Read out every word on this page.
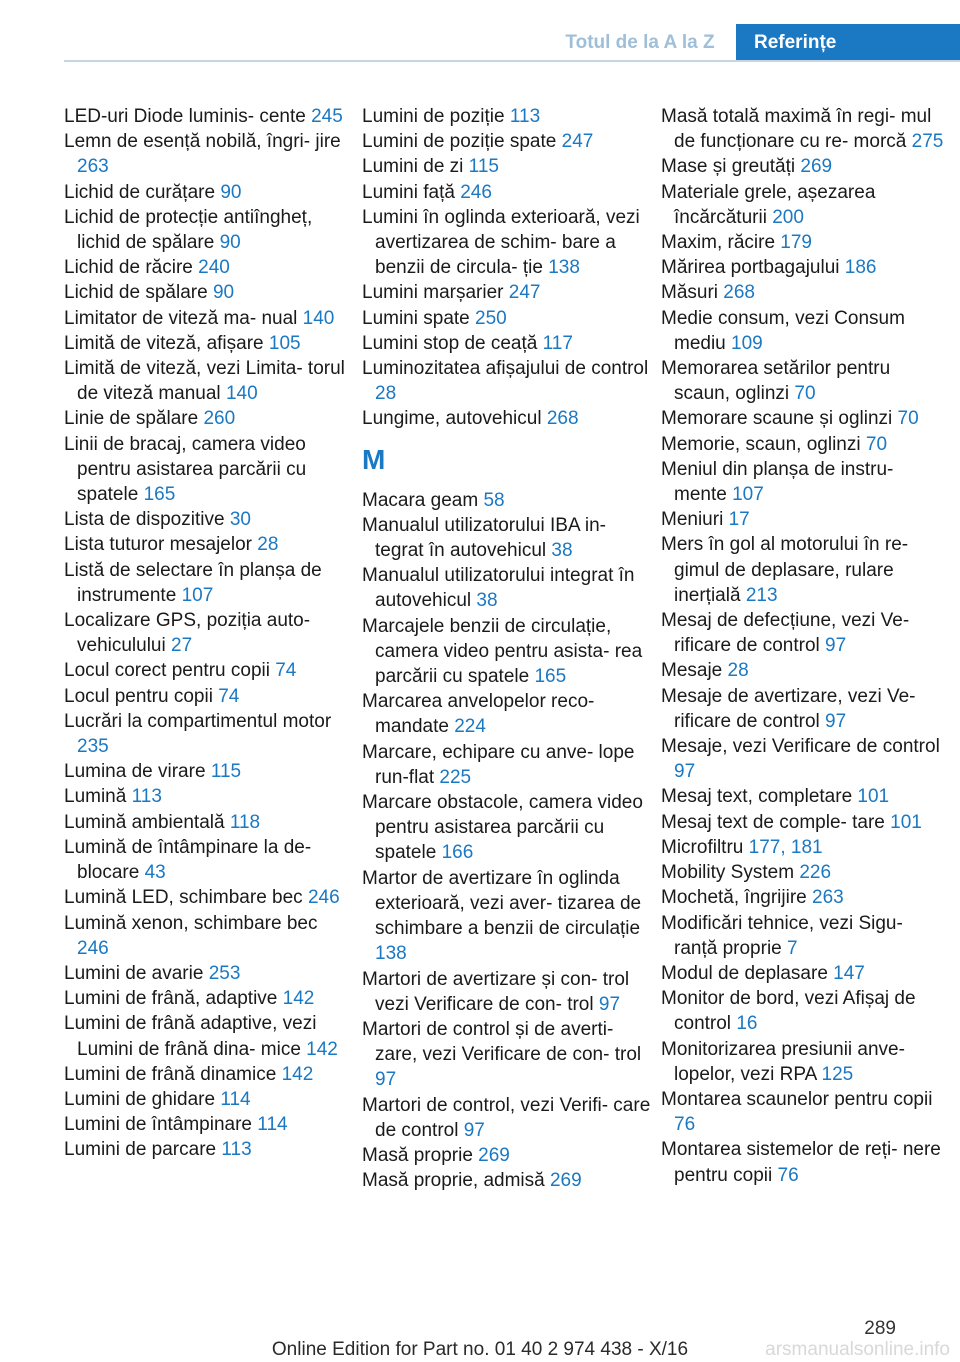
Totul de la A la Z	Referințe
LED-uri Diode luminis- cente 245
Lemn de esență nobilă, îngri- jire 263
Lichid de curățare 90
Lichid de protecție antiîngheț, lichid de spălare 90
Lichid de răcire 240
Lichid de spălare 90
Limitator de viteză ma- nual 140
Limită de viteză, afișare 105
Limită de viteză, vezi Limita- torul de viteză manual 140
Linie de spălare 260
Linii de bracaj, camera video pentru asistarea parcării cu spatele 165
Lista de dispozitive 30
Lista tuturor mesajelor 28
Listă de selectare în planșa de instrumente 107
Localizare GPS, poziția auto- vehiculului 27
Locul corect pentru copii 74
Locul pentru copii 74
Lucrări la compartimentul motor 235
Lumina de virare 115
Lumină 113
Lumină ambientală 118
Lumină de întâmpinare la de- blocare 43
Lumină LED, schimbare bec 246
Lumină xenon, schimbare bec 246
Lumini de avarie 253
Lumini de frână, adaptive 142
Lumini de frână adaptive, vezi Lumini de frână dina- mice 142
Lumini de frână dinamice 142
Lumini de ghidare 114
Lumini de întâmpinare 114
Lumini de parcare 113
Lumini de poziție 113
Lumini de poziție spate 247
Lumini de zi 115
Lumini față 246
Lumini în oglinda exterioară, vezi avertizarea de schim- bare a benzii de circula- ție 138
Lumini marșarier 247
Lumini spate 250
Lumini stop de ceață 117
Luminozitatea afișajului de control 28
Lungime, autovehicul 268
M
Macara geam 58
Manualul utilizatorului IBA in- tegrat în autovehicul 38
Manualul utilizatorului integrat în autovehicul 38
Marcajele benzii de circulație, camera video pentru asista- rea parcării cu spatele 165
Marcarea anvelopelor reco- mandate 224
Marcare, echipare cu anve- lope run-flat 225
Marcare obstacole, camera video pentru asistarea parcării cu spatele 166
Martor de avertizare în oglinda exterioară, vezi aver- tizarea de schimbare a benzii de circulație 138
Martori de avertizare și con- trol vezi Verificare de con- trol 97
Martori de control și de averti- zare, vezi Verificare de con- trol 97
Martori de control, vezi Verifi- care de control 97
Masă proprie 269
Masă proprie, admisă 269
Masă totală maximă în regi- mul de funcționare cu re- morcă 275
Mase și greutăți 269
Materiale grele, așezarea încărcăturii 200
Maxim, răcire 179
Mărirea portbagajului 186
Măsuri 268
Medie consum, vezi Consum mediu 109
Memorarea setărilor pentru scaun, oglinzi 70
Memorare scaune și oglinzi 70
Memorie, scaun, oglinzi 70
Meniul din planșa de instru- mente 107
Meniuri 17
Mers în gol al motorului în re- gimul de deplasare, rulare inerțială 213
Mesaj de defecțiune, vezi Ve- rificare de control 97
Mesaje 28
Mesaje de avertizare, vezi Ve- rificare de control 97
Mesaje, vezi Verificare de control 97
Mesaj text, completare 101
Mesaj text de comple- tare 101
Microfiltru 177, 181
Mobility System 226
Mochetă, îngrijire 263
Modificări tehnice, vezi Sigu- ranță proprie 7
Modul de deplasare 147
Monitor de bord, vezi Afișaj de control 16
Monitorizarea presiunii anve- lopelor, vezi RPA 125
Montarea scaunelor pentru copii 76
Montarea sistemelor de reți- nere pentru copii 76
289
Online Edition for Part no. 01 40 2 974 438 - X/16	arsmanualsonline.info
